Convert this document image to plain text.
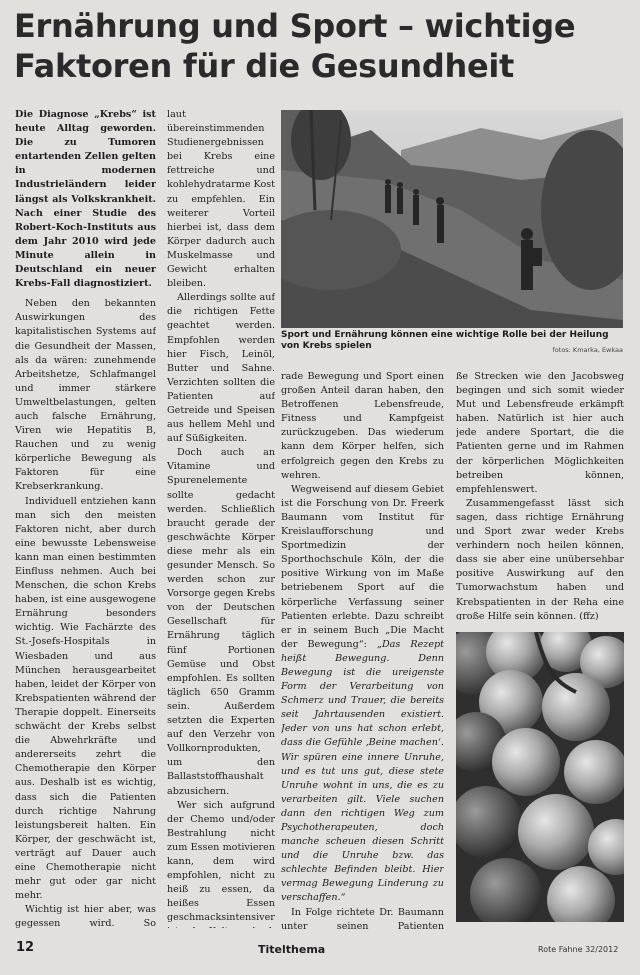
Ernährung und Sport – wichtige
Faktoren für die Gesundheit

Die Diagnose „Krebs“ ist heute Alltag geworden. Die zu Tumoren entartenden Zellen gelten in modernen Industrieländern leider längst als Volkskrankheit. Nach einer Studie des Robert-Koch-Instituts aus dem Jahr 2010 wird jede Minute allein in Deutschland ein neuer Krebs-Fall diagnostiziert.

Neben den bekannten Auswirkungen des kapitalistischen Systems auf die Gesundheit der Massen, als da wären: zunehmende Arbeitshetze, Schlafmangel und immer stärkere Umweltbelastungen, gelten auch falsche Ernährung, Viren wie Hepatitis B, Rauchen und zu wenig körperliche Bewegung als Faktoren für eine Krebserkrankung.

Individuell entziehen kann man sich den meisten Faktoren nicht, aber durch eine bewusste Lebensweise kann man einen bestimmten Einfluss nehmen. Auch bei Menschen, die schon Krebs haben, ist eine ausgewogene Ernährung besonders wichtig. Wie Fachärzte des St.-Josefs-Hospitals in Wiesbaden und aus München herausgearbeitet haben, leidet der Körper von Krebspatienten während der Therapie doppelt. Einerseits schwächt der Krebs selbst die Abwehrkräfte und andererseits zehrt die Chemotherapie den Körper aus. Deshalb ist es wichtig, dass sich die Patienten durch richtige Nahrung leistungsbereit halten. Ein Körper, der geschwächt ist, verträgt auf Dauer auch eine Chemotherapie nicht mehr gut oder gar nicht mehr.

Wichtig ist hier aber, was gegessen wird. So

laut übereinstimmenden Studienergebnissen bei Krebs eine fettreiche und kohlehydratarme Kost zu empfehlen. Ein weiterer Vorteil hierbei ist, dass dem Körper dadurch auch Muskelmasse und Gewicht erhalten bleiben.

Allerdings sollte auf die richtigen Fette geachtet werden. Empfohlen werden hier Fisch, Leinöl, Butter und Sahne. Verzichten sollten die Patienten auf Getreide und Speisen aus hellem Mehl und auf Süßigkeiten.

Doch auch an Vitamine und Spurenelemente sollte gedacht werden. Schließlich braucht gerade der geschwächte Körper diese mehr als ein gesunder Mensch. So werden schon zur Vorsorge gegen Krebs von der Deutschen Gesellschaft für Ernährung täglich fünf Portionen Gemüse und Obst empfohlen. Es sollten täglich 650 Gramm sein. Außerdem setzten die Experten auf den Verzehr von Vollkornprodukten, um den Ballaststoffhaushalt abzusichern.

Wer sich aufgrund der Chemo und/oder Bestrahlung nicht zum Essen motivieren kann, dem wird empfohlen, nicht zu heiß zu essen, da heißes Essen geschmacksintensiver

Sport und Ernährung können eine wichtige Rolle bei der Heilung von Krebs spielen	fotos: Kmarka, Ewkaa

rade Bewegung und Sport einen großen Anteil daran haben, den Betroffenen Lebensfreude, Fitness und Kampfgeist zurückzugeben. Das wiederum kann dem Körper helfen, sich erfolgreich gegen den Krebs zu wehren.

Wegweisend auf diesem Gebiet ist die Forschung von Dr. Freerk Baumann vom Institut für Kreislaufforschung und Sportmedizin der Sporthochschule Köln, der die positive Wirkung von im Maße betriebenem Sport auf die körperliche Verfassung seiner Patienten erlebte. Dazu schreibt er in seinem Buch „Die Macht der Bewegung“: „Das Rezept heißt Bewegung. Denn Bewegung ist die ureigenste Form der Verarbeitung von Schmerz und Trauer, die bereits seit Jahrtausenden existiert. Jeder von uns hat schon erlebt, dass die Gefühle ‚Beine machen‘. Wir spüren eine innere Unruhe, und es tut uns gut, diese stete Unruhe wohnt in uns, die es zu verarbeiten gilt. Viele suchen dann den richtigen Weg zum Psychotherapeuten, doch manche scheuen diesen Schritt und die Unruhe bzw. das schlechte Befinden bleibt. Hier vermag Bewegung Linderung zu verschaffen.“

In Folge richtete Dr. Baumann unter seinen Patienten

ße Strecken wie den Jacobsweg begingen und sich somit wieder Mut und Lebensfreude erkämpft haben. Natürlich ist hier auch jede andere Sportart, die die Patienten gerne und im Rahmen der körperlichen Möglichkeiten betreiben können, empfehlenswert.

Zusammengefasst lässt sich sagen, dass richtige Ernährung und Sport zwar weder Krebs verhindern noch heilen können, dass sie aber eine unübersehbar positive Auswirkung auf den Tumorwachstum haben und Krebspatienten in der Reha eine große Hilfe sein können. (ffz)

12	Titelthema	Rote Fahne 32/2012
